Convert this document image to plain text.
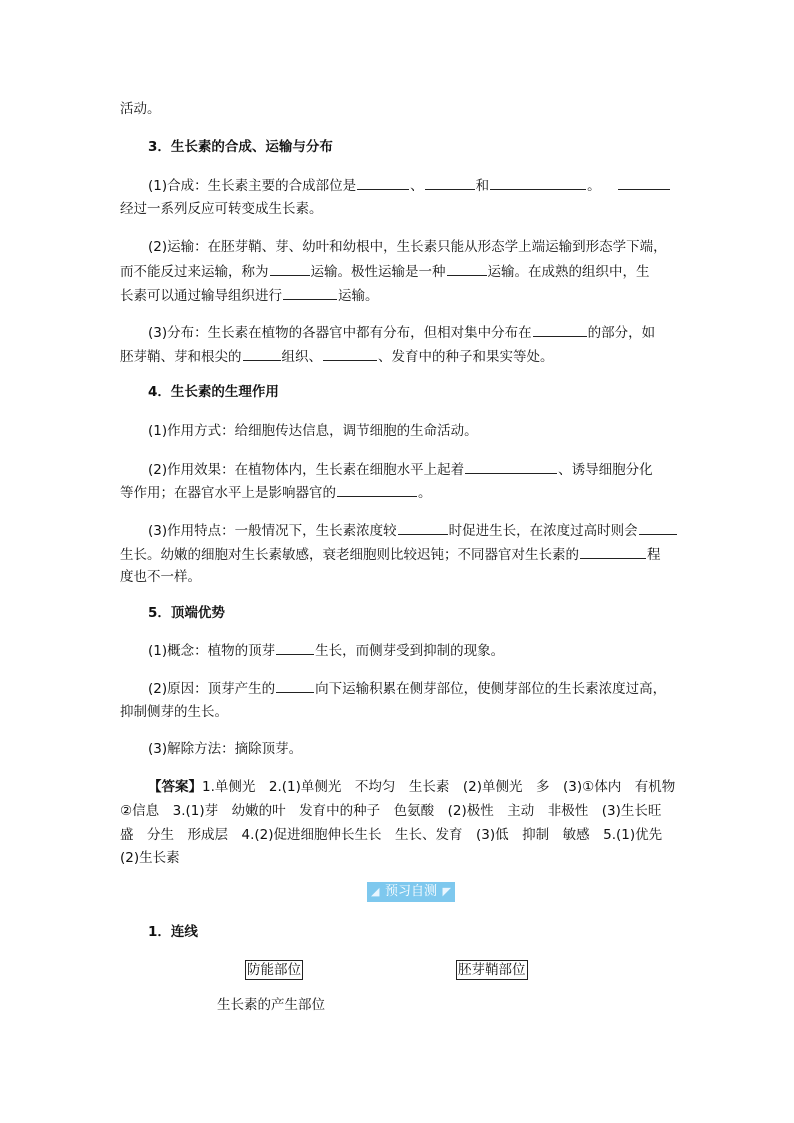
活动。
3．生长素的合成、运输与分布
(1)合成：生长素主要的合成部位是	、	和	。
经过一系列反应可转变成生长素。
(2)运输：在胚芽鞘、芽、幼叶和幼根中，生长素只能从形态学上端运输到形态学下端，
而不能反过来运输，称为	运输。极性运输是一种	运输。在成熟的组织中，生
长素可以通过输导组织进行	运输。
(3)分布：生长素在植物的各器官中都有分布，但相对集中分布在	的部分，如
胚芽鞘、芽和根尖的	组织、	、发育中的种子和果实等处。
4．生长素的生理作用
(1)作用方式：给细胞传达信息，调节细胞的生命活动。
(2)作用效果：在植物体内，生长素在细胞水平上起着	、诱导细胞分化
等作用；在器官水平上是影响器官的	。
(3)作用特点：一般情况下，生长素浓度较	时促进生长，在浓度过高时则会
生长。幼嫩的细胞对生长素敏感，衰老细胞则比较迟钝；不同器官对生长素的	程
度也不一样。
5．顶端优势
(1)概念：植物的顶芽	生长，而侧芽受到抑制的现象。
(2)原因：顶芽产生的	向下运输积累在侧芽部位，使侧芽部位的生长素浓度过高，
抑制侧芽的生长。
(3)解除方法：摘除顶芽。
【答案】1.单侧光　2.(1)单侧光　不均匀　生长素　(2)单侧光　多　(3)①体内　有机物
②信息　3.(1)芽　幼嫩的叶　发育中的种子　色氨酸　(2)极性　主动　非极性　(3)生长旺
盛　分生　形成层　4.(2)促进细胞伸长生长　生长、发育　(3)低　抑制　敏感　5.(1)优先
(2)生长素
◢ 预习自测 ◤
1．连线
防能部位	胚芽鞘部位
生长素的产生部位
